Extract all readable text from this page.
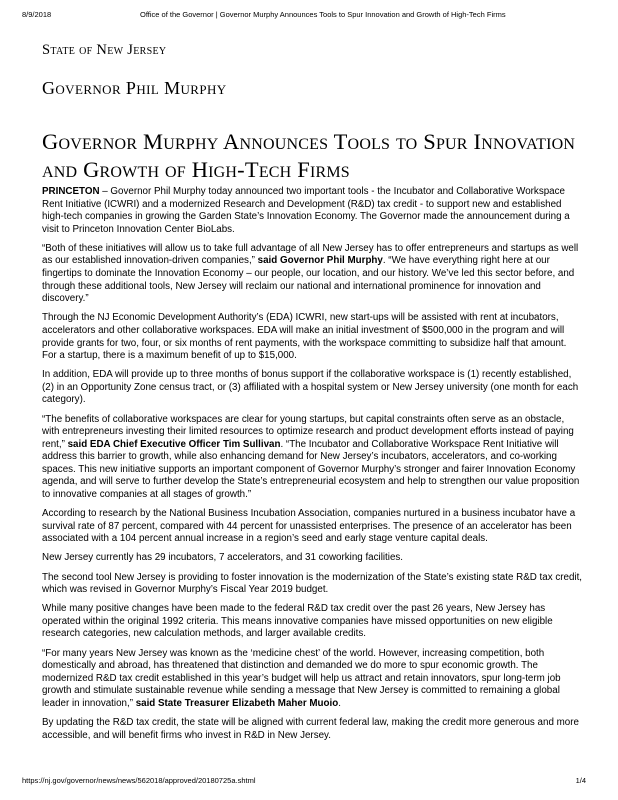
8/9/2018	Office of the Governor | Governor Murphy Announces Tools to Spur Innovation and Growth of High-Tech Firms
State of New Jersey
Governor Phil Murphy
Governor Murphy Announces Tools to Spur Innovation and Growth of High-Tech Firms

PRINCETON – Governor Phil Murphy today announced two important tools - the Incubator and Collaborative Workspace Rent Initiative (ICWRI) and a modernized Research and Development (R&D) tax credit - to support new and established high-tech companies in growing the Garden State’s Innovation Economy. The Governor made the announcement during a visit to Princeton Innovation Center BioLabs.

“Both of these initiatives will allow us to take full advantage of all New Jersey has to offer entrepreneurs and startups as well as our established innovation-driven companies,” said Governor Phil Murphy. “We have everything right here at our fingertips to dominate the Innovation Economy – our people, our location, and our history. We’ve led this sector before, and through these additional tools, New Jersey will reclaim our national and international prominence for innovation and discovery.”

Through the NJ Economic Development Authority’s (EDA) ICWRI, new start-ups will be assisted with rent at incubators, accelerators and other collaborative workspaces. EDA will make an initial investment of $500,000 in the program and will provide grants for two, four, or six months of rent payments, with the workspace committing to subsidize half that amount. For a startup, there is a maximum benefit of up to $15,000.

In addition, EDA will provide up to three months of bonus support if the collaborative workspace is (1) recently established, (2) in an Opportunity Zone census tract, or (3) affiliated with a hospital system or New Jersey university (one month for each category).

“The benefits of collaborative workspaces are clear for young startups, but capital constraints often serve as an obstacle, with entrepreneurs investing their limited resources to optimize research and product development efforts instead of paying rent,” said EDA Chief Executive Officer Tim Sullivan. “The Incubator and Collaborative Workspace Rent Initiative will address this barrier to growth, while also enhancing demand for New Jersey’s incubators, accelerators, and co-working spaces. This new initiative supports an important component of Governor Murphy’s stronger and fairer Innovation Economy agenda, and will serve to further develop the State’s entrepreneurial ecosystem and help to strengthen our value proposition to innovative companies at all stages of growth.”

According to research by the National Business Incubation Association, companies nurtured in a business incubator have a survival rate of 87 percent, compared with 44 percent for unassisted enterprises. The presence of an accelerator has been associated with a 104 percent annual increase in a region’s seed and early stage venture capital deals.

New Jersey currently has 29 incubators, 7 accelerators, and 31 coworking facilities.

The second tool New Jersey is providing to foster innovation is the modernization of the State’s existing state R&D tax credit, which was revised in Governor Murphy’s Fiscal Year 2019 budget.

While many positive changes have been made to the federal R&D tax credit over the past 26 years, New Jersey has operated within the original 1992 criteria. This means innovative companies have missed opportunities on new eligible research categories, new calculation methods, and larger available credits.

“For many years New Jersey was known as the ‘medicine chest’ of the world. However, increasing competition, both domestically and abroad, has threatened that distinction and demanded we do more to spur economic growth. The modernized R&D tax credit established in this year’s budget will help us attract and retain innovators, spur long-term job growth and stimulate sustainable revenue while sending a message that New Jersey is committed to remaining a global leader in innovation,” said State Treasurer Elizabeth Maher Muoio.

By updating the R&D tax credit, the state will be aligned with current federal law, making the credit more generous and more accessible, and will benefit firms who invest in R&D in New Jersey.

https://nj.gov/governor/news/news/562018/approved/20180725a.shtml	1/4
